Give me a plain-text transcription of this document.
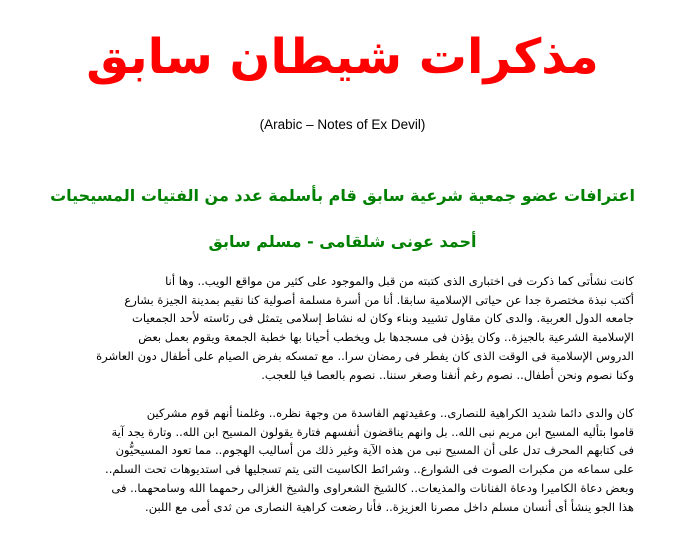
مذكرات شيطان سابق
(Arabic – Notes of Ex Devil)
اعترافات عضو جمعية شرعية سابق قام بأسلمة عدد من الفتيات المسيحيات
أحمد عونى شلقامى - مسلم سابق
كانت نشأتى كما ذكرت فى اختبارى الذى كتبته من قبل والموجود على كثير من مواقع الويب.. وها أنا
أكتب نبذة مختصرة جدا عن حياتى الإسلامية سابقا. أنا من أسرة مسلمة أصولية كنا نقيم بمدينة الجيزة بشارع
جامعه الدول العربية. والدى كان مقاول تشييد وبناء وكان له نشاط إسلامى يتمثل فى رئاسته لأحد الجمعيات
الإسلامية الشرعية بالجيزة.. وكان يؤذن فى مسجدها بل ويخطب أحيانا بها خطبة الجمعة ويقوم بعمل بعض
الدروس الإسلامية فى الوقت الذى كان يفطر فى رمضان سرا.. مع تمسكه بفرض الصيام على أطفال دون العاشرة
وكنا نصوم ونحن أطفال.. نصوم رغم أنفنا وصغر سننا.. نصوم بالعصا فيا للعجب.
كان والدى دائما شديد الكراهية للنصارى.. وعقيدتهم الفاسدة من وجهة نظره.. وغلمنا أنهم قوم مشركين
قاموا بتأليه المسيح ابن مريم نبى الله.. بل وانهم يناقضون أنفسهم فتارة يقولون المسيح ابن الله.. وتارة يجد آية
فى كتابهم المحرف تدل على أن المسيح نبى من هذه الآية وغير ذلك من أساليب الهجوم.. مما تعود المسيحيُّون
على سماعه من مكبرات الصوت فى الشوارع.. وشرائط الكاسيت التى يتم تسجليها فى استديوهات تحت السلم..
وبعض دعاة الكاميرا ودعاة الفنانات والمذيعات.. كالشيخ الشعراوى والشيخ الغزالى رحمهما الله وسامحهما.. فى
هذا الجو ينشأ أى أنسان مسلم داخل مصرنا العزيزة.. فأنا رضعت كراهية النصارى من ثدى أمى مع اللبن.
